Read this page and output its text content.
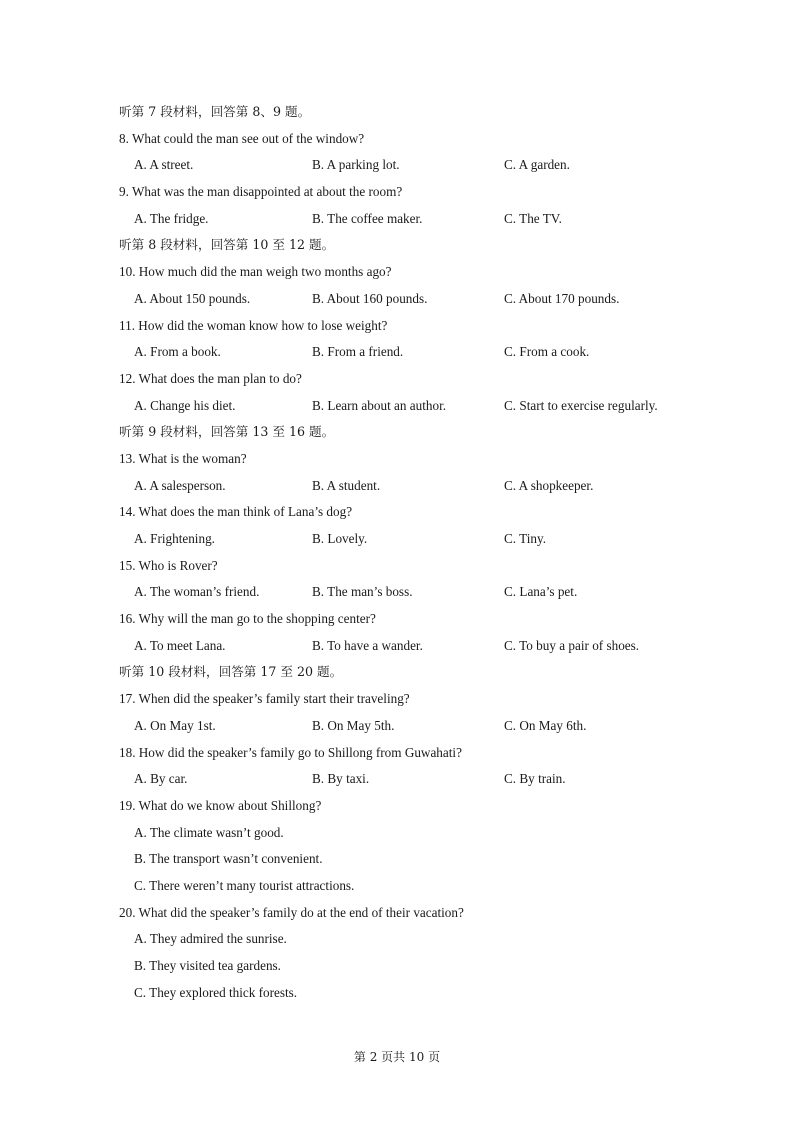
听第 7 段材料，回答第 8、9 题。
8. What could the man see out of the window?
A. A street.	B. A parking lot.	C. A garden.
9. What was the man disappointed at about the room?
A. The fridge.	B. The coffee maker.	C. The TV.
听第 8 段材料，回答第 10 至 12 题。
10. How much did the man weigh two months ago?
A. About 150 pounds.	B. About 160 pounds.	C. About 170 pounds.
11. How did the woman know how to lose weight?
A. From a book.	B. From a friend.	C. From a cook.
12. What does the man plan to do?
A. Change his diet.	B. Learn about an author.	C. Start to exercise regularly.
听第 9 段材料，回答第 13 至 16 题。
13. What is the woman?
A. A salesperson.	B. A student.	C. A shopkeeper.
14. What does the man think of Lana’s dog?
A. Frightening.	B. Lovely.	C. Tiny.
15. Who is Rover?
A. The woman’s friend.	B. The man’s boss.	C. Lana’s pet.
16. Why will the man go to the shopping center?
A. To meet Lana.	B. To have a wander.	C. To buy a pair of shoes.
听第 10 段材料，回答第 17 至 20 题。
17. When did the speaker’s family start their traveling?
A. On May 1st.	B. On May 5th.	C. On May 6th.
18. How did the speaker’s family go to Shillong from Guwahati?
A. By car.	B. By taxi.	C. By train.
19. What do we know about Shillong?
A. The climate wasn’t good.
B. The transport wasn’t convenient.
C. There weren’t many tourist attractions.
20. What did the speaker’s family do at the end of their vacation?
A. They admired the sunrise.
B. They visited tea gardens.
C. They explored thick forests.
第 2 页共 10 页
